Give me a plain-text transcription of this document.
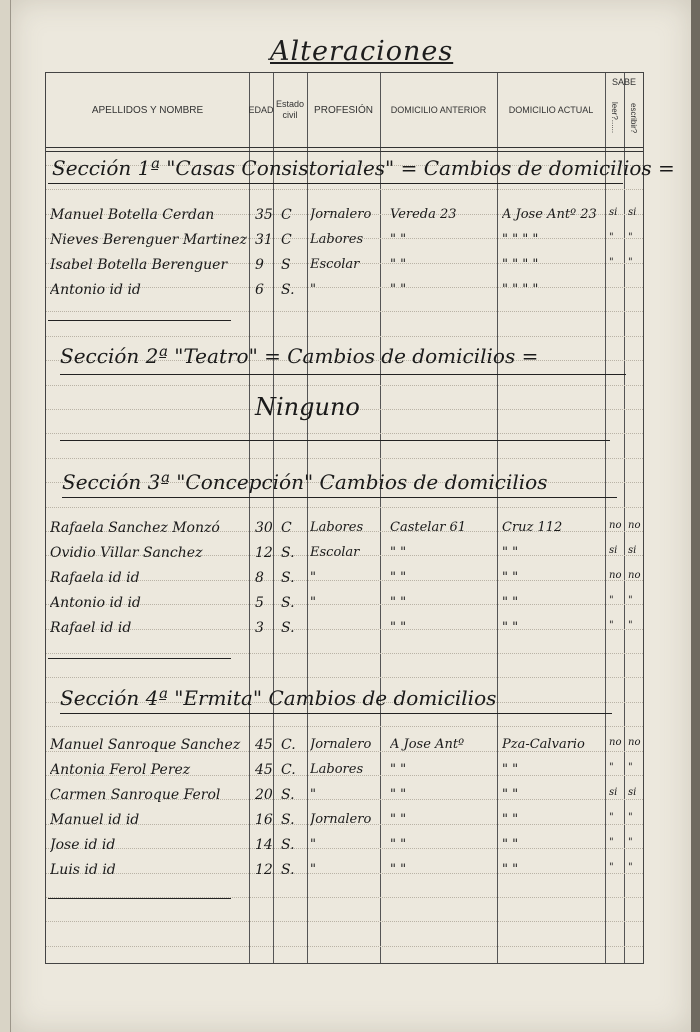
Alteraciones
APELLIDOS Y NOMBRE	EDAD
Estado civil	PROFESIÓN	DOMICILIO ANTERIOR	DOMICILIO ACTUAL
SABE
leer?......	escribir?
Sección 1ª "Casas Consistoriales" = Cambios de domicilios =
Manuel Botella Cerdan	35 C	Jornalero	Vereda 23	A Jose Antº 23	si	si
Nieves Berenguer Martinez 31 C	Labores	" "	" " " "	"	"
Isabel Botella Berenguer	9	S	Escolar	" "	" " " "	"	"
Antonio id id	6	S.	"	" "	" " " "
Sección 2ª "Teatro" = Cambios de domicilios =
Ninguno
Sección 3ª "Concepción" Cambios de domicilios
Rafaela Sanchez Monzó	30 C	Labores	Castelar 61	Cruz 112	no no
Ovidio Villar Sanchez	12 S.	Escolar	" "	" "	si	si
Rafaela id id	8	S.	"	" "	" "	no no
Antonio id id	5	S.	"	" "	" "	"	"
Rafael id id	3	S.	" "	" "	"	"
Sección 4ª "Ermita" Cambios de domicilios
Manuel Sanroque Sanchez	45 C.	Jornalero	A Jose Antº	Pza-Calvario	no no
Antonia Ferol Perez	45 C.	Labores	" "	" "	"	"
Carmen Sanroque Ferol	20 S.	"	" "	" "	si	si
Manuel id id	16 S.	Jornalero	" "	" "	"	"
Jose id id	14 S.	"	" "	" "	"	"
Luis id id	12 S.	"	" "	" "	"	"
